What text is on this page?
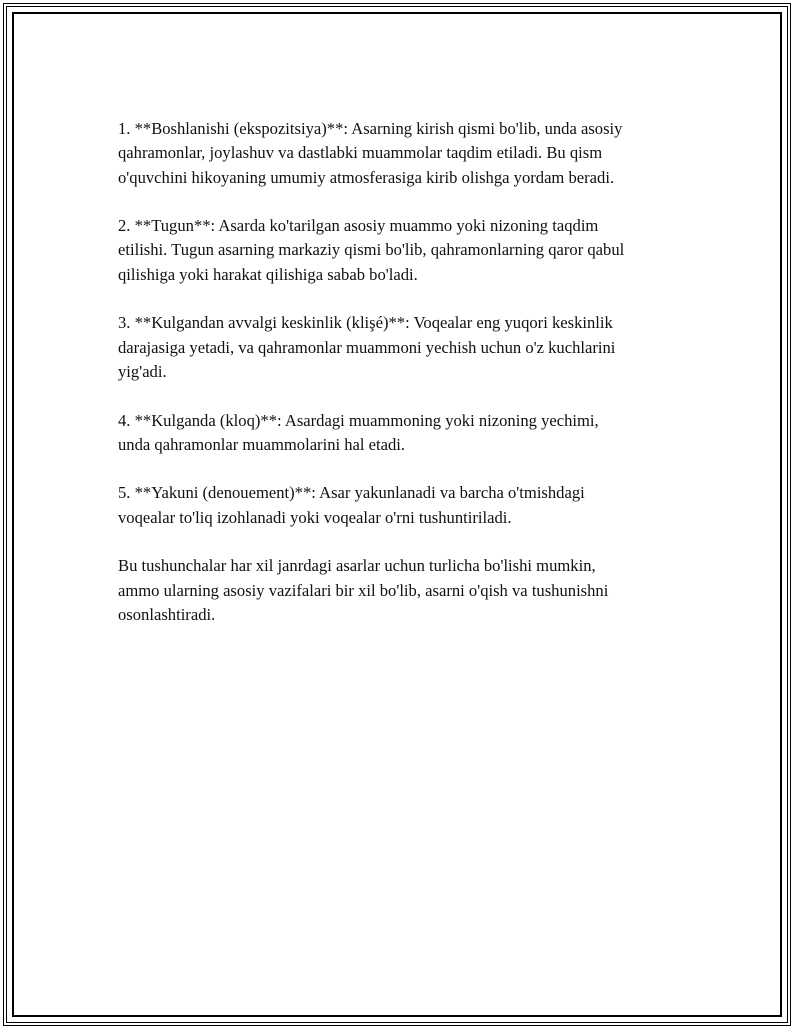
1. **Boshlanishi (ekspozitsiya)**: Asarning kirish qismi bo'lib, unda asosiy
qahramonlar, joylashuv va dastlabki muammolar taqdim etiladi. Bu qism
o'quvchini hikoyaning umumiy atmosferasiga kirib olishga yordam beradi.

2. **Tugun**: Asarda ko'tarilgan asosiy muammo yoki nizoning taqdim
etilishi. Tugun asarning markaziy qismi bo'lib, qahramonlarning qaror qabul
qilishiga yoki harakat qilishiga sabab bo'ladi.

3. **Kulgandan avvalgi keskinlik (klişé)**: Voqealar eng yuqori keskinlik
darajasiga yetadi, va qahramonlar muammoni yechish uchun o'z kuchlarini
yig'adi.

4. **Kulganda (kloq)**: Asardagi muammoning yoki nizoning yechimi,
unda qahramonlar muammolarini hal etadi.

5. **Yakuni (denouement)**: Asar yakunlanadi va barcha o'tmishdagi
voqealar to'liq izohlanadi yoki voqealar o'rni tushuntiriladi.

Bu tushunchalar har xil janrdagi asarlar uchun turlicha bo'lishi mumkin,
ammo ularning asosiy vazifalari bir xil bo'lib, asarni o'qish va tushunishni
osonlashtiradi.
